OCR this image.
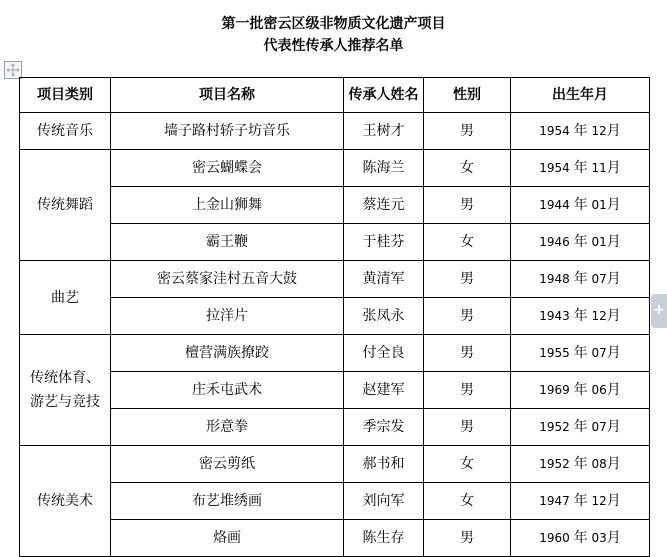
第一批密云区级非物质文化遗产项目
代表性传承人推荐名单
项目类别	项目名称	传承人姓名	性别	出生年月
传统音乐	墙子路村轿子坊音乐	王树才	男	1954 年 12月
传统舞蹈	密云蝴蝶会	陈海兰	女	1954 年 11月
	上金山狮舞	蔡连元	男	1944 年 01月
	霸王鞭	于桂芬	女	1946 年 01月
曲艺	密云蔡家洼村五音大鼓	黄清军	男	1948 年 07月
	拉洋片	张凤永	男	1943 年 12月

传统体育、
游艺与竞技	檀营满族撩跤	付全良	男	1955 年 07月
	庄禾屯武术	赵建军	男	1969 年 06月
	形意拳	季宗发	男	1952 年 07月
传统美术	密云剪纸	郝书和	女	1952 年 08月
	布艺堆绣画	刘向军	女	1947 年 12月
	烙画	陈生存	男	1960 年 03月
+
